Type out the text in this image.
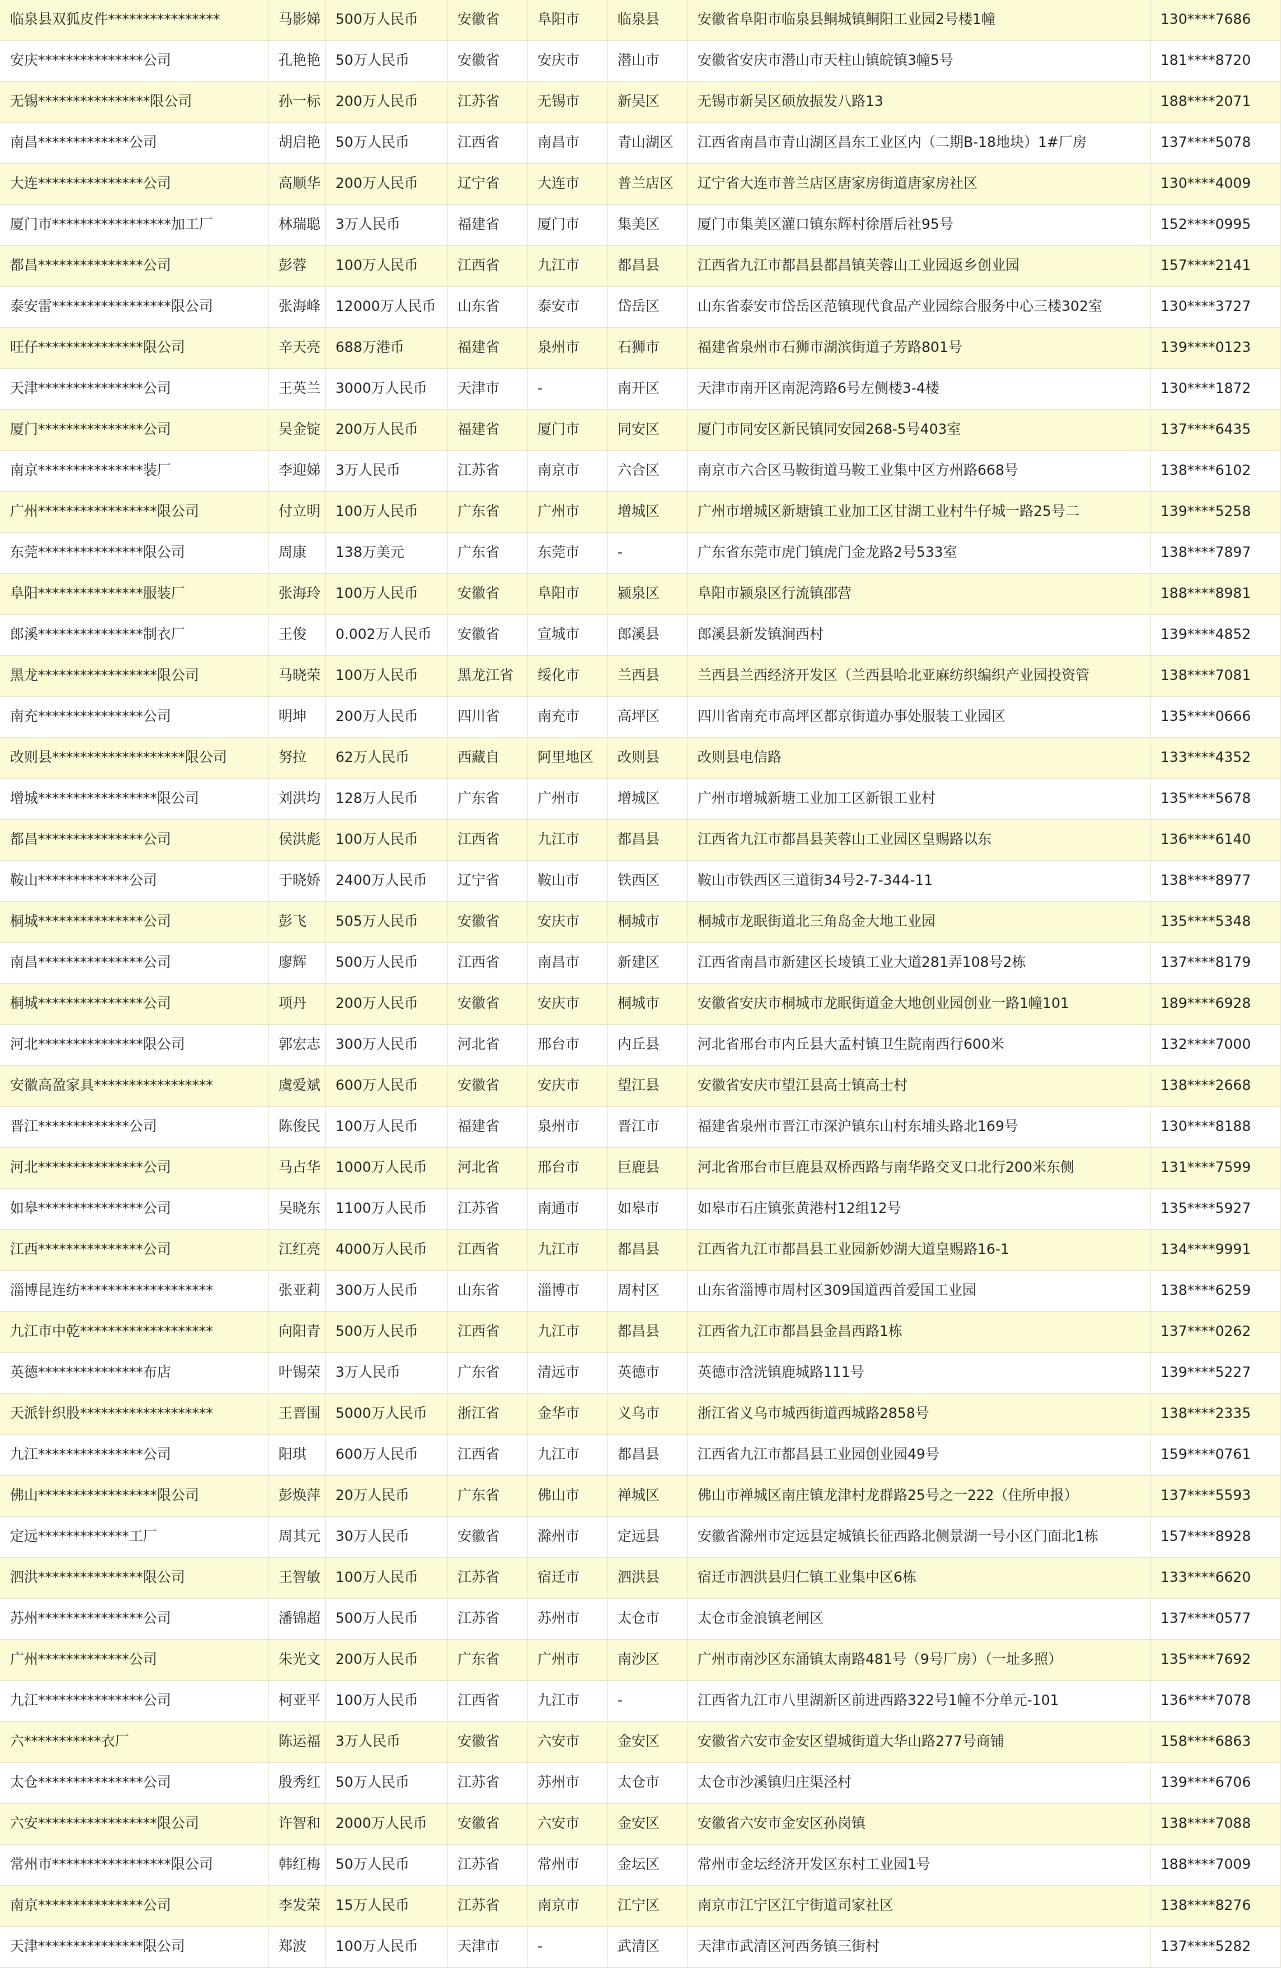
临泉县双狐皮件****************	马影娣	500万人民币	安徽省	阜阳市	临泉县	安徽省阜阳市临泉县鲖城镇鲖阳工业园2号楼1幢	130****7686
安庆***************公司	孔艳艳	50万人民币	安徽省	安庆市	潜山市	安徽省安庆市潜山市天柱山镇皖镇3幢5号	181****8720
无锡****************限公司	孙一标	200万人民币	江苏省	无锡市	新吴区	无锡市新吴区硕放振发八路13	188****2071
南昌*************公司	胡启艳	50万人民币	江西省	南昌市	青山湖区	江西省南昌市青山湖区昌东工业区内（二期B-18地块）1#厂房	137****5078
大连***************公司	高顺华	200万人民币	辽宁省	大连市	普兰店区	辽宁省大连市普兰店区唐家房街道唐家房社区	130****4009
厦门市*****************加工厂	林瑞聪	3万人民币	福建省	厦门市	集美区	厦门市集美区灌口镇东辉村徐厝后社95号	152****0995
都昌***************公司	彭蓉	100万人民币	江西省	九江市	都昌县	江西省九江市都昌县都昌镇芙蓉山工业园返乡创业园	157****2141
泰安雷*****************限公司	张海峰	12000万人民币	山东省	泰安市	岱岳区	山东省泰安市岱岳区范镇现代食品产业园综合服务中心三楼302室	130****3727
旺仔***************限公司	辛天亮	688万港币	福建省	泉州市	石狮市	福建省泉州市石狮市湖滨街道子芳路801号	139****0123
天津***************公司	王英兰	3000万人民币	天津市	-	南开区	天津市南开区南泥湾路6号左侧楼3-4楼	130****1872
厦门***************公司	吴金锭	200万人民币	福建省	厦门市	同安区	厦门市同安区新民镇同安园268-5号403室	137****6435
南京***************装厂	李迎娣	3万人民币	江苏省	南京市	六合区	南京市六合区马鞍街道马鞍工业集中区方州路668号	138****6102
广州*****************限公司	付立明	100万人民币	广东省	广州市	增城区	广州市增城区新塘镇工业加工区甘湖工业村牛仔城一路25号二	139****5258
东莞***************限公司	周康	138万美元	广东省	东莞市	-	广东省东莞市虎门镇虎门金龙路2号533室	138****7897
阜阳***************服装厂	张海玲	100万人民币	安徽省	阜阳市	颍泉区	阜阳市颍泉区行流镇邵营	188****8981
郎溪***************制衣厂	王俊	0.002万人民币	安徽省	宣城市	郎溪县	郎溪县新发镇涧西村	139****4852
黑龙*****************限公司	马晓荣	100万人民币	黑龙江省	绥化市	兰西县	兰西县兰西经济开发区（兰西县哈北亚麻纺织编织产业园投资管	138****7081
南充***************公司	明坤	200万人民币	四川省	南充市	高坪区	四川省南充市高坪区都京街道办事处服装工业园区	135****0666
改则县*******************限公司	努拉	62万人民币	西藏自	阿里地区	改则县	改则县电信路	133****4352
增城*****************限公司	刘洪均	128万人民币	广东省	广州市	增城区	广州市增城新塘工业加工区新银工业村	135****5678
都昌***************公司	侯洪彪	100万人民币	江西省	九江市	都昌县	江西省九江市都昌县芙蓉山工业园区皇赐路以东	136****6140
鞍山*************公司	于晓娇	2400万人民币	辽宁省	鞍山市	铁西区	鞍山市铁西区三道街34号2-7-344-11	138****8977
桐城***************公司	彭飞	505万人民币	安徽省	安庆市	桐城市	桐城市龙眠街道北三角岛金大地工业园	135****5348
南昌***************公司	廖辉	500万人民币	江西省	南昌市	新建区	江西省南昌市新建区长堎镇工业大道281弄108号2栋	137****8179
桐城***************公司	项丹	200万人民币	安徽省	安庆市	桐城市	安徽省安庆市桐城市龙眠街道金大地创业园创业一路1幢101	189****6928
河北***************限公司	郭宏志	300万人民币	河北省	邢台市	内丘县	河北省邢台市内丘县大孟村镇卫生院南西行600米	132****7000
安徽高盈家具*****************	虞爱斌	600万人民币	安徽省	安庆市	望江县	安徽省安庆市望江县高士镇高士村	138****2668
晋江*************公司	陈俊民	100万人民币	福建省	泉州市	晋江市	福建省泉州市晋江市深沪镇东山村东埔头路北169号	130****8188
河北***************公司	马占华	1000万人民币	河北省	邢台市	巨鹿县	河北省邢台市巨鹿县双桥西路与南华路交叉口北行200米东侧	131****7599
如皋***************公司	吴晓东	1100万人民币	江苏省	南通市	如皋市	如皋市石庄镇张黄港村12组12号	135****5927
江西***************公司	江红亮	4000万人民币	江西省	九江市	都昌县	江西省九江市都昌县工业园新妙湖大道皇赐路16-1	134****9991
淄博昆连纺*******************	张亚莉	300万人民币	山东省	淄博市	周村区	山东省淄博市周村区309国道西首爱国工业园	138****6259
九江市中乾*******************	向阳青	500万人民币	江西省	九江市	都昌县	江西省九江市都昌县金昌西路1栋	137****0262
英德***************布店	叶锡荣	3万人民币	广东省	清远市	英德市	英德市浛洸镇鹿城路111号	139****5227
天派针织股*******************	王晋围	5000万人民币	浙江省	金华市	义乌市	浙江省义乌市城西街道西城路2858号	138****2335
九江***************公司	阳琪	600万人民币	江西省	九江市	都昌县	江西省九江市都昌县工业园创业园49号	159****0761
佛山*****************限公司	彭焕萍	20万人民币	广东省	佛山市	禅城区	佛山市禅城区南庄镇龙津村龙群路25号之一222（住所申报）	137****5593
定远*************工厂	周其元	30万人民币	安徽省	滁州市	定远县	安徽省滁州市定远县定城镇长征西路北侧景湖一号小区门面北1栋	157****8928
泗洪***************限公司	王智敏	100万人民币	江苏省	宿迁市	泗洪县	宿迁市泗洪县归仁镇工业集中区6栋	133****6620
苏州***************公司	潘锦超	500万人民币	江苏省	苏州市	太仓市	太仓市金浪镇老闸区	137****0577
广州*************公司	朱光文	200万人民币	广东省	广州市	南沙区	广州市南沙区东涌镇太南路481号（9号厂房）（一址多照）	135****7692
九江***************公司	柯亚平	100万人民币	江西省	九江市	-	江西省九江市八里湖新区前进西路322号1幢不分单元-101	136****7078
六***********衣厂	陈运福	3万人民币	安徽省	六安市	金安区	安徽省六安市金安区望城街道大华山路277号商铺	158****6863
太仓***************公司	殷秀红	50万人民币	江苏省	苏州市	太仓市	太仓市沙溪镇归庄渠泾村	139****6706
六安*****************限公司	许智和	2000万人民币	安徽省	六安市	金安区	安徽省六安市金安区孙岗镇	138****7088
常州市*****************限公司	韩红梅	50万人民币	江苏省	常州市	金坛区	常州市金坛经济开发区东村工业园1号	188****7009
南京***************公司	李发荣	15万人民币	江苏省	南京市	江宁区	南京市江宁区江宁街道司家社区	138****8276
天津***************限公司	郑波	100万人民币	天津市	-	武清区	天津市武清区河西务镇三街村	137****5282
